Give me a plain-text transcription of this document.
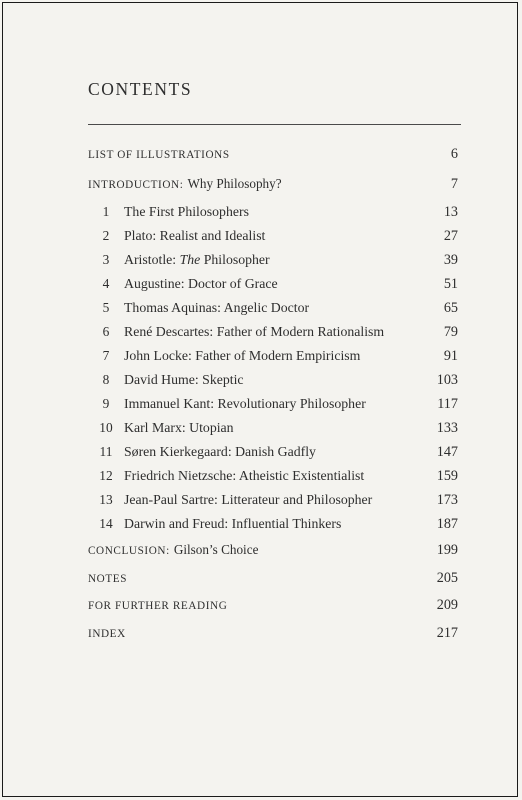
CONTENTS
LIST OF ILLUSTRATIONS	6
INTRODUCTION: Why Philosophy?	7
1	The First Philosophers	13
2	Plato: Realist and Idealist	27
3	Aristotle: The Philosopher	39
4	Augustine: Doctor of Grace	51
5	Thomas Aquinas: Angelic Doctor	65
6	René Descartes: Father of Modern Rationalism	79
7	John Locke: Father of Modern Empiricism	91
8	David Hume: Skeptic	103
9	Immanuel Kant: Revolutionary Philosopher	117
10 Karl Marx: Utopian	133
11 Søren Kierkegaard: Danish Gadfly	147
12 Friedrich Nietzsche: Atheistic Existentialist	159
13 Jean-Paul Sartre: Litterateur and Philosopher	173
14 Darwin and Freud: Influential Thinkers	187
CONCLUSION: Gilson’s Choice	199
NOTES	205
FOR FURTHER READING	209
INDEX	217
